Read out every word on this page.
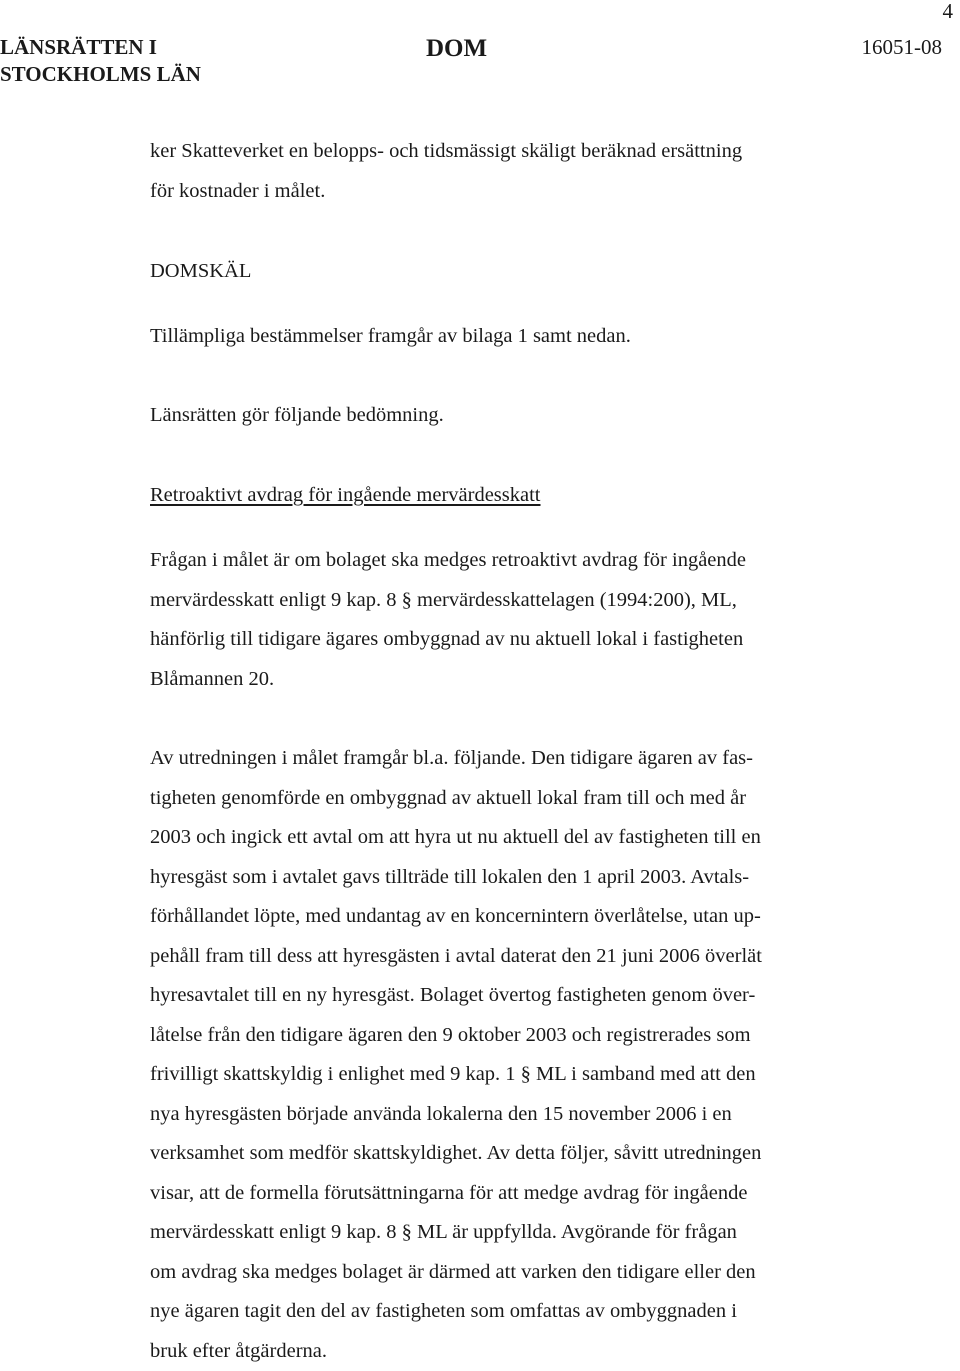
4
LÄNSRÄTTEN I
STOCKHOLMS LÄN
DOM	16051-08
ker Skatteverket en belopps- och tidsmässigt skäligt beräknad ersättning
för kostnader i målet.
DOMSKÄL
Tillämpliga bestämmelser framgår av bilaga 1 samt nedan.
Länsrätten gör följande bedömning.
Retroaktivt avdrag för ingående mervärdesskatt
Frågan i målet är om bolaget ska medges retroaktivt avdrag för ingående
mervärdesskatt enligt 9 kap. 8 § mervärdesskattelagen (1994:200), ML,
hänförlig till tidigare ägares ombyggnad av nu aktuell lokal i fastigheten
Blåmannen 20.
Av utredningen i målet framgår bl.a. följande. Den tidigare ägaren av fas-
tigheten genomförde en ombyggnad av aktuell lokal fram till och med år
2003 och ingick ett avtal om att hyra ut nu aktuell del av fastigheten till en
hyresgäst som i avtalet gavs tillträde till lokalen den 1 april 2003. Avtals-
förhållandet löpte, med undantag av en koncernintern överlåtelse, utan up-
pehåll fram till dess att hyresgästen i avtal daterat den 21 juni 2006 överlät
hyresavtalet till en ny hyresgäst. Bolaget övertog fastigheten genom över-
låtelse från den tidigare ägaren den 9 oktober 2003 och registrerades som
frivilligt skattskyldig i enlighet med 9 kap. 1 § ML i samband med att den
nya hyresgästen började använda lokalerna den 15 november 2006 i en
verksamhet som medför skattskyldighet. Av detta följer, såvitt utredningen
visar, att de formella förutsättningarna för att medge avdrag för ingående
mervärdesskatt enligt 9 kap. 8 § ML är uppfyllda. Avgörande för frågan
om avdrag ska medges bolaget är därmed att varken den tidigare eller den
nye ägaren tagit den del av fastigheten som omfattas av ombyggnaden i
bruk efter åtgärderna.
